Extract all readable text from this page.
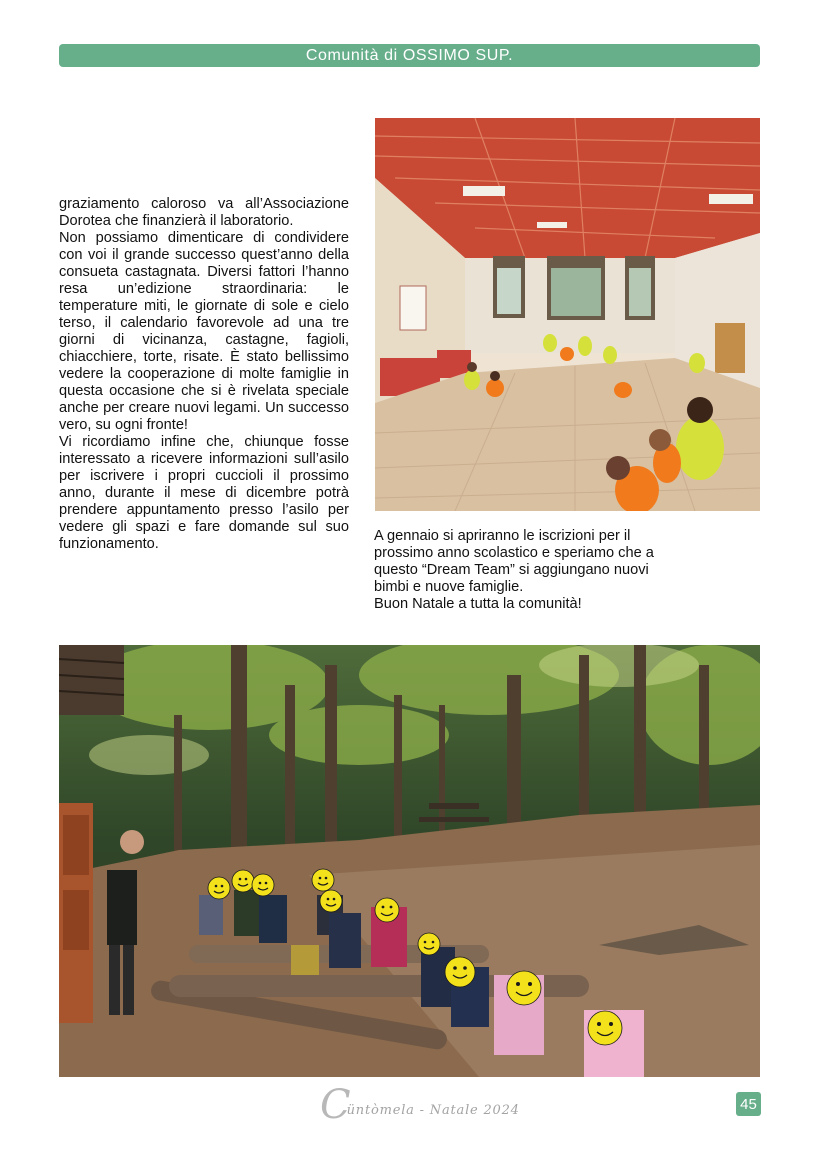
Comunità di OSSIMO SUP.

graziamento caloroso va all’Associazione Dorotea che finanzierà il laboratorio.

Non possiamo dimenticare di condividere con voi il grande successo quest’anno della consueta castagnata. Diversi fattori l’hanno resa un’edizione straordinaria: le temperature miti, le giornate di sole e cielo terso, il calendario favorevole ad una tre giorni di vicinanza, castagne, fagioli, chiacchiere, torte, risate. È stato bellissimo vedere la cooperazione di molte famiglie in questa occasione che si è rivelata speciale anche per creare nuovi legami. Un successo vero, su ogni fronte!

Vi ricordiamo infine che, chiunque fosse interessato a ricevere informazioni sull’asilo per iscrivere i propri cuccioli il prossimo anno, durante il mese di dicembre potrà prendere appuntamento presso l’asilo per vedere gli spazi e fare domande sul suo funzionamento.	A gennaio si apriranno le iscrizioni per il prossimo anno scolastico e speriamo che a questo “Dream Team” si aggiungano nuovi bimbi e nuove famiglie.

Buon Natale a tutta la comunità!

C
üntòmela - Natale 2024	45
